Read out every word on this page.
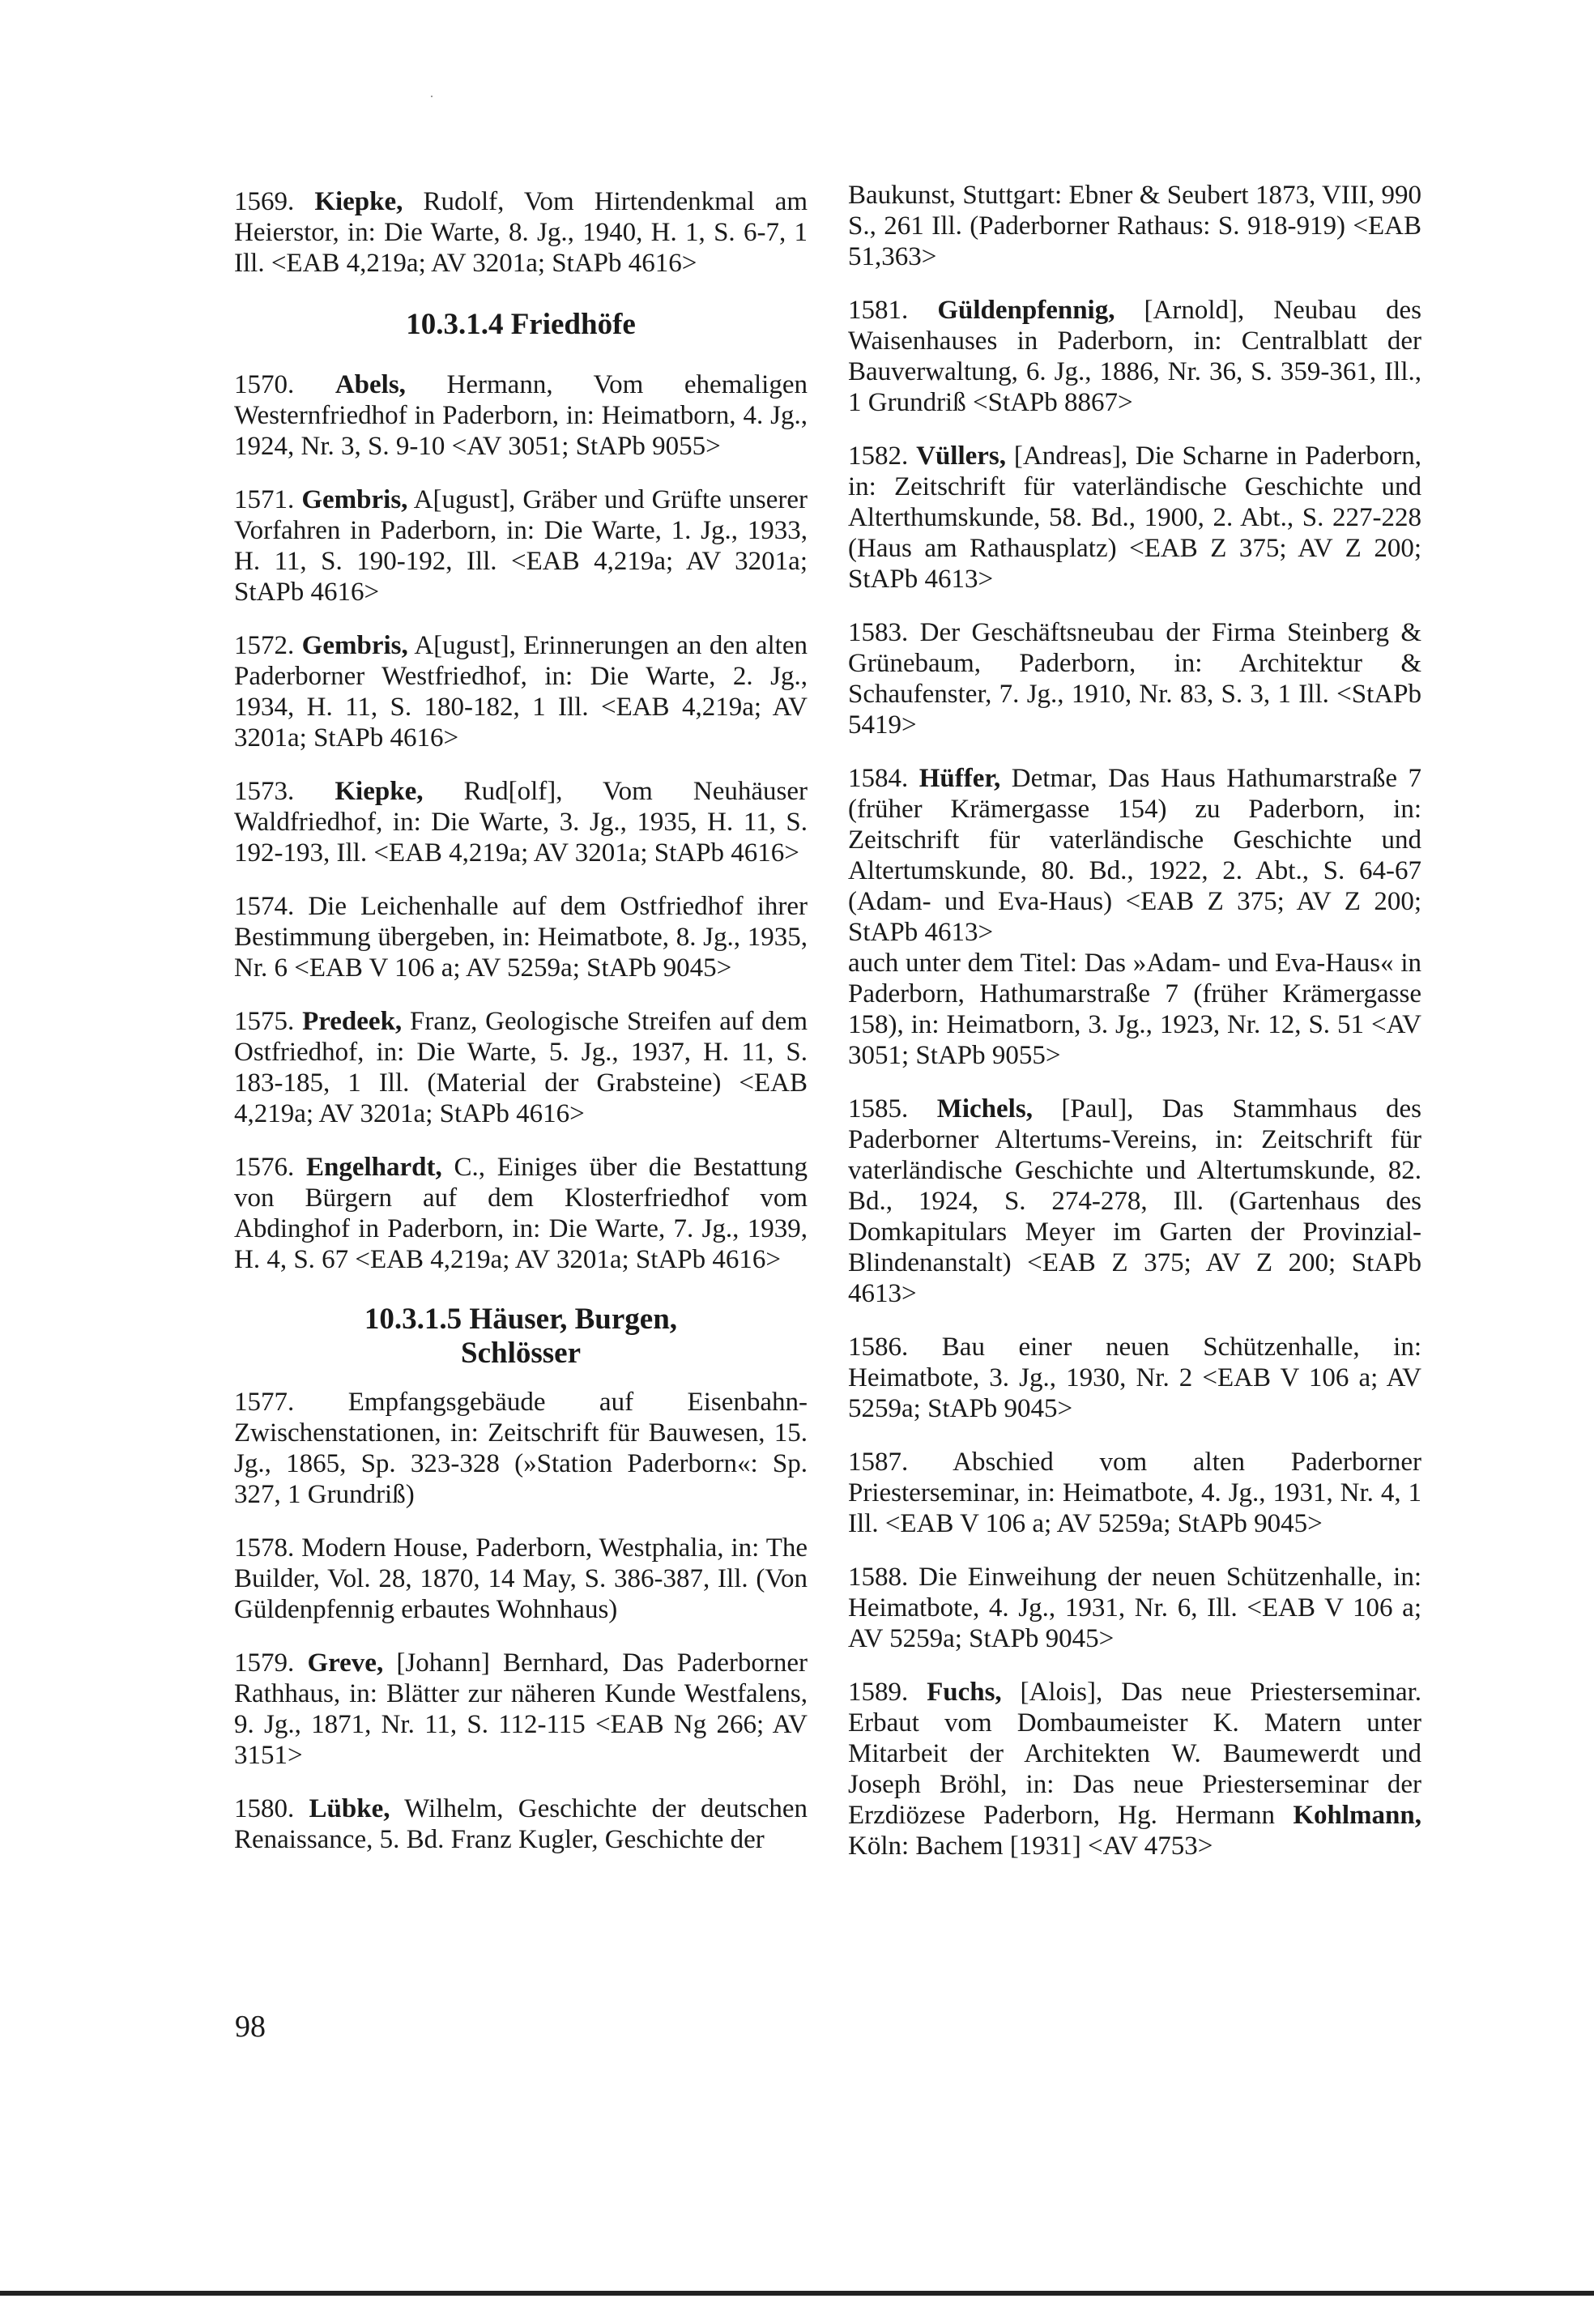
1569. Kiepke, Rudolf, Vom Hirtendenkmal am Heierstor, in: Die Warte, 8. Jg., 1940, H. 1, S. 6-7, 1 Ill. <EAB 4,219a; AV 3201a; StAPb 4616>
10.3.1.4 Friedhöfe
1570. Abels, Hermann, Vom ehemaligen Westernfriedhof in Paderborn, in: Heimatborn, 4. Jg., 1924, Nr. 3, S. 9-10 <AV 3051; StAPb 9055>
1571. Gembris, A[ugust], Gräber und Grüfte unserer Vorfahren in Paderborn, in: Die Warte, 1. Jg., 1933, H. 11, S. 190-192, Ill. <EAB 4,219a; AV 3201a; StAPb 4616>
1572. Gembris, A[ugust], Erinnerungen an den alten Paderborner Westfriedhof, in: Die Warte, 2. Jg., 1934, H. 11, S. 180-182, 1 Ill. <EAB 4,219a; AV 3201a; StAPb 4616>
1573. Kiepke, Rud[olf], Vom Neuhäuser Waldfriedhof, in: Die Warte, 3. Jg., 1935, H. 11, S. 192-193, Ill. <EAB 4,219a; AV 3201a; StAPb 4616>
1574. Die Leichenhalle auf dem Ostfriedhof ihrer Bestimmung übergeben, in: Heimatbote, 8. Jg., 1935, Nr. 6 <EAB V 106 a; AV 5259a; StAPb 9045>
1575. Predeek, Franz, Geologische Streifen auf dem Ostfriedhof, in: Die Warte, 5. Jg., 1937, H. 11, S. 183-185, 1 Ill. (Material der Grabsteine) <EAB 4,219a; AV 3201a; StAPb 4616>
1576. Engelhardt, C., Einiges über die Bestattung von Bürgern auf dem Klosterfriedhof vom Abdinghof in Paderborn, in: Die Warte, 7. Jg., 1939, H. 4, S. 67 <EAB 4,219a; AV 3201a; StAPb 4616>
10.3.1.5 Häuser, Burgen,
Schlösser
1577. Empfangsgebäude auf Eisenbahn-Zwischenstationen, in: Zeitschrift für Bauwesen, 15. Jg., 1865, Sp. 323-328 (»Station Paderborn«: Sp. 327, 1 Grundriß)
1578. Modern House, Paderborn, Westphalia, in: The Builder, Vol. 28, 1870, 14 May, S. 386-387, Ill. (Von Güldenpfennig erbautes Wohnhaus)
1579. Greve, [Johann] Bernhard, Das Paderborner Rathhaus, in: Blätter zur näheren Kunde Westfalens, 9. Jg., 1871, Nr. 11, S. 112-115 <EAB Ng 266; AV 3151>
1580. Lübke, Wilhelm, Geschichte der deutschen Renaissance, 5. Bd. Franz Kugler, Geschichte der
Baukunst, Stuttgart: Ebner & Seubert 1873, VIII, 990 S., 261 Ill. (Paderborner Rathaus: S. 918-919) <EAB 51,363>
1581. Güldenpfennig, [Arnold], Neubau des Waisenhauses in Paderborn, in: Centralblatt der Bauverwaltung, 6. Jg., 1886, Nr. 36, S. 359-361, Ill., 1 Grundriß <StAPb 8867>
1582. Vüllers, [Andreas], Die Scharne in Paderborn, in: Zeitschrift für vaterländische Geschichte und Alterthumskunde, 58. Bd., 1900, 2. Abt., S. 227-228 (Haus am Rathausplatz) <EAB Z 375; AV Z 200; StAPb 4613>
1583. Der Geschäftsneubau der Firma Steinberg & Grünebaum, Paderborn, in: Architektur & Schaufenster, 7. Jg., 1910, Nr. 83, S. 3, 1 Ill. <StAPb 5419>
1584. Hüffer, Detmar, Das Haus Hathumarstraße 7 (früher Krämergasse 154) zu Paderborn, in: Zeitschrift für vaterländische Geschichte und Altertumskunde, 80. Bd., 1922, 2. Abt., S. 64-67 (Adam- und Eva-Haus) <EAB Z 375; AV Z 200; StAPb 4613>
auch unter dem Titel: Das »Adam- und Eva-Haus« in Paderborn, Hathumarstraße 7 (früher Krämergasse 158), in: Heimatborn, 3. Jg., 1923, Nr. 12, S. 51 <AV 3051; StAPb 9055>
1585. Michels, [Paul], Das Stammhaus des Paderborner Altertums-Vereins, in: Zeitschrift für vaterländische Geschichte und Altertumskunde, 82. Bd., 1924, S. 274-278, Ill. (Gartenhaus des Domkapitulars Meyer im Garten der Provinzial-Blindenanstalt) <EAB Z 375; AV Z 200; StAPb 4613>
1586. Bau einer neuen Schützenhalle, in: Heimatbote, 3. Jg., 1930, Nr. 2 <EAB V 106 a; AV 5259a; StAPb 9045>
1587. Abschied vom alten Paderborner Priesterseminar, in: Heimatbote, 4. Jg., 1931, Nr. 4, 1 Ill. <EAB V 106 a; AV 5259a; StAPb 9045>
1588. Die Einweihung der neuen Schützenhalle, in: Heimatbote, 4. Jg., 1931, Nr. 6, Ill. <EAB V 106 a; AV 5259a; StAPb 9045>
1589. Fuchs, [Alois], Das neue Priesterseminar. Erbaut vom Dombaumeister K. Matern unter Mitarbeit der Architekten W. Baumewerdt und Joseph Bröhl, in: Das neue Priesterseminar der Erzdiözese Paderborn, Hg. Hermann Kohlmann, Köln: Bachem [1931] <AV 4753>
98
